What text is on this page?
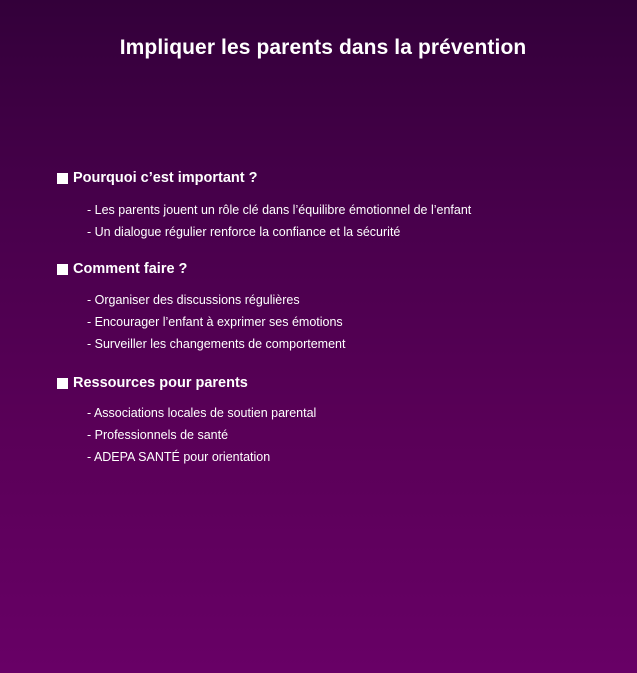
Impliquer les parents dans la prévention
Pourquoi c’est important ?
- Les parents jouent un rôle clé dans l’équilibre émotionnel de l’enfant
- Un dialogue régulier renforce la confiance et la sécurité
Comment faire ?
- Organiser des discussions régulières
- Encourager l’enfant à exprimer ses émotions
- Surveiller les changements de comportement
Ressources pour parents
- Associations locales de soutien parental
- Professionnels de santé
- ADEPA SANTÉ pour orientation
